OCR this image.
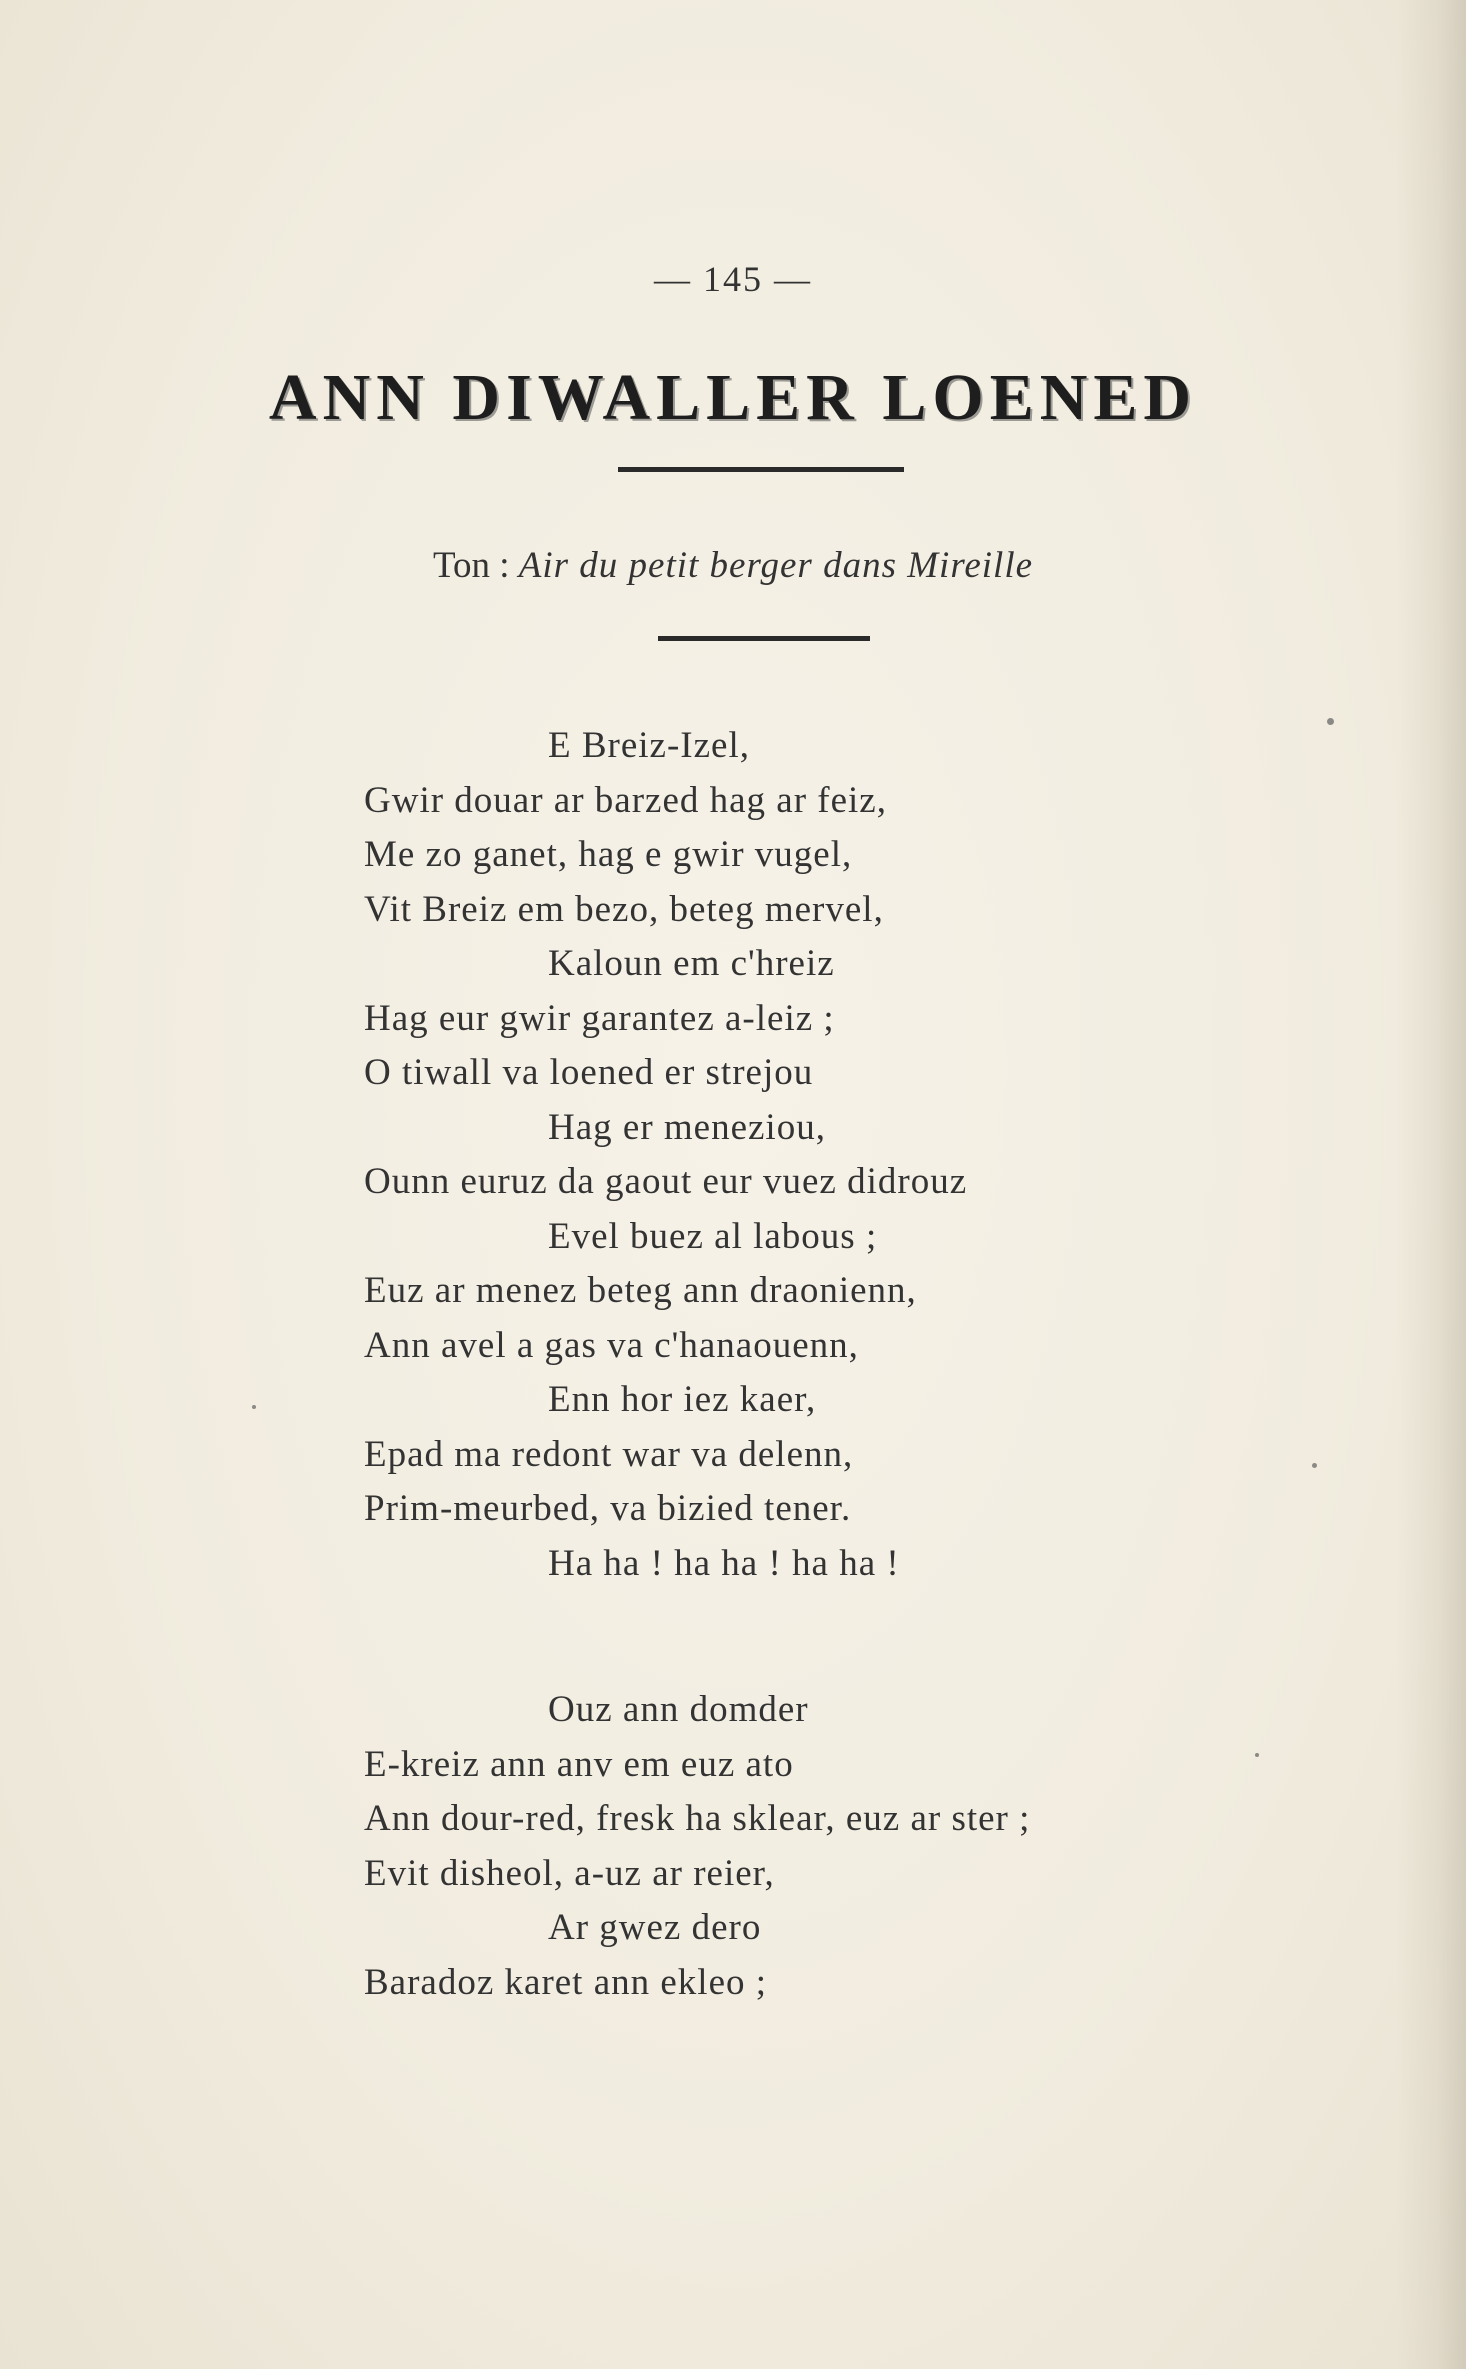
— 145 —
ANN DIWALLER LOENED
Ton : Air du petit berger dans Mireille
E Breiz-Izel,
Gwir douar ar barzed hag ar feiz,
Me zo ganet, hag e gwir vugel,
Vit Breiz em bezo, beteg mervel,
Kaloun em c'hreiz
Hag eur gwir garantez a-leiz ;
O tiwall va loened er strejou
Hag er meneziou,
Ounn euruz da gaout eur vuez didrouz
Evel buez al labous ;
Euz ar menez beteg ann draonienn,
Ann avel a gas va c'hanaouenn,
Enn hor iez kaer,
Epad ma redont war va delenn,
Prim-meurbed, va bizied tener.
Ha ha ! ha ha ! ha ha !
Ouz ann domder
E-kreiz ann anv em euz ato
Ann dour-red, fresk ha sklear, euz ar ster ;
Evit disheol, a-uz ar reier,
Ar gwez dero
Baradoz karet ann ekleo ;
